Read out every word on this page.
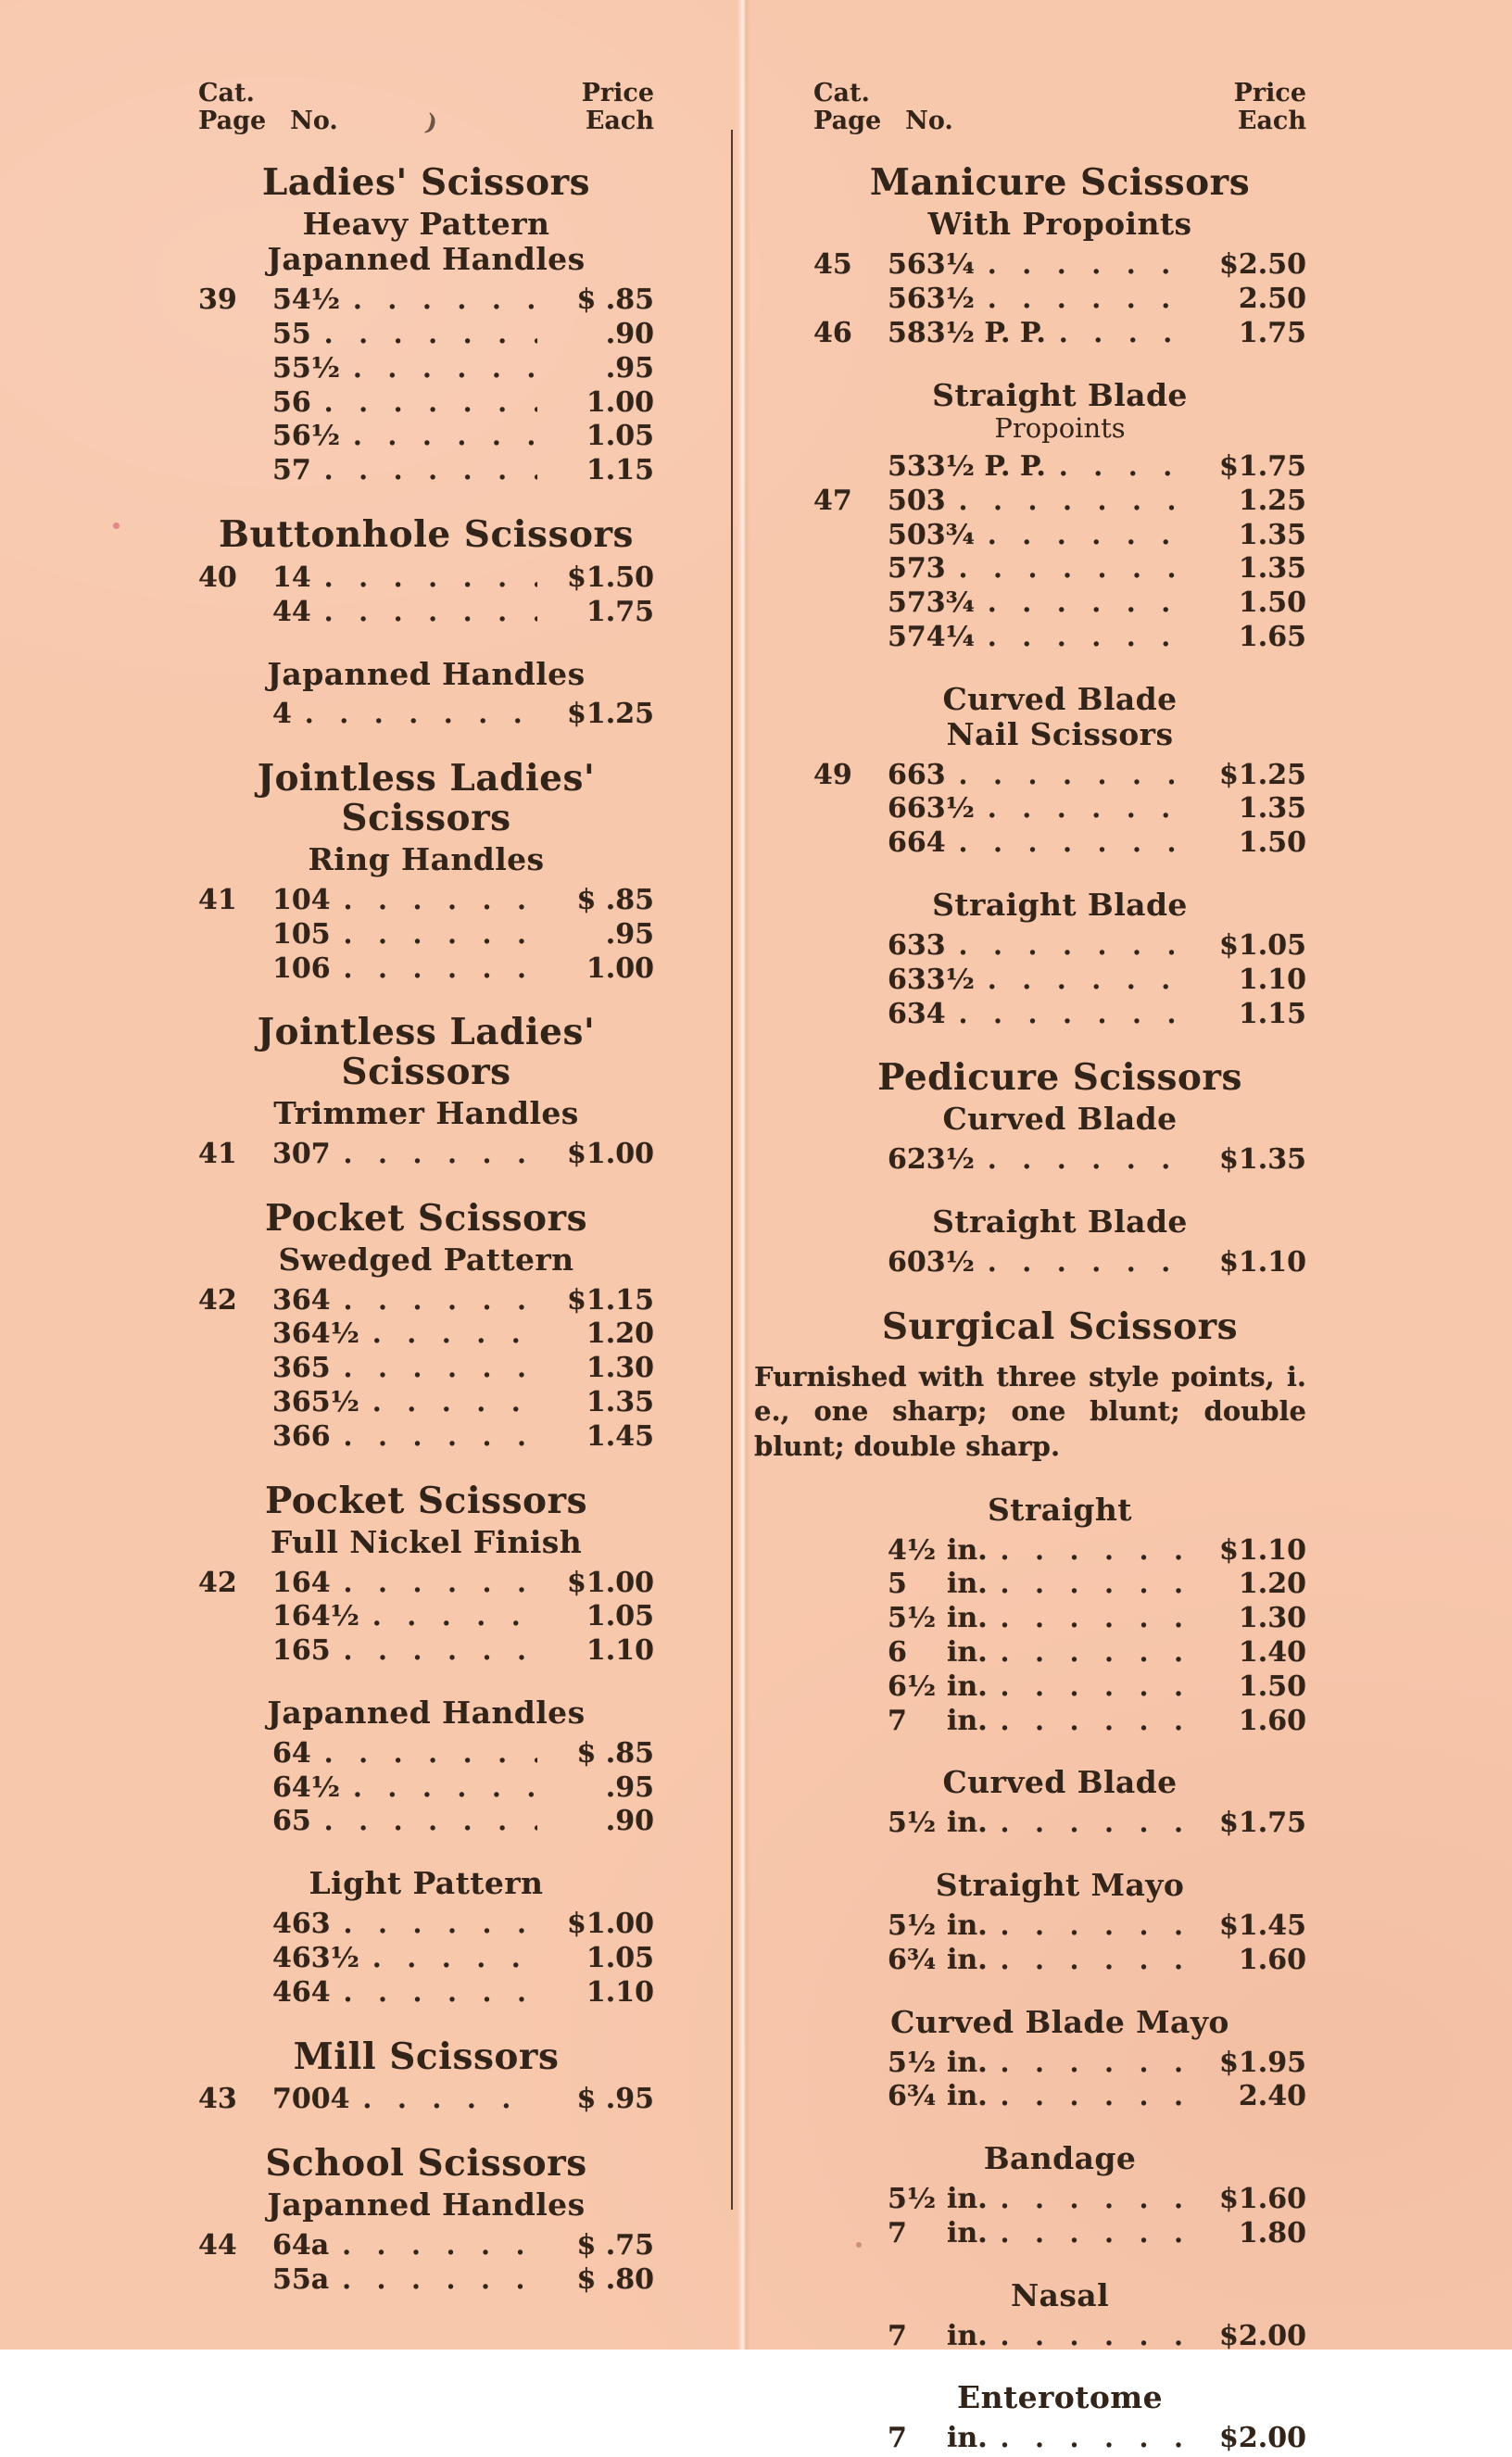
)
Cat.
Page No.
Price
Each
Ladies' Scissors
Heavy Pattern
Japanned Handles
39	54½ . . .	$ .85
55 . . .	.90
55½ . . .	.95
56 . . .	1.00
56½ . . .	1.05
57 . . .	1.15
Buttonhole Scissors
40	14 . . .	$1.50
44 . . .	1.75
Japanned Handles
4 . . .	$1.25
Jointless Ladies' Scissors
Ring Handles
41	104 . . .	$ .85
105 . . .	.95
106 . . .	1.00
Jointless Ladies' Scissors
Trimmer Handles
41	307 . . .	$1.00
Pocket Scissors
Swedged Pattern
42	364 . . .	$1.15
364½ . . .	1.20
365 . . .	1.30
365½ . . .	1.35
366 . . .	1.45
Pocket Scissors
Full Nickel Finish
42	164 . . .	$1.00
164½ . . .	1.05
165 . . .	1.10
Japanned Handles
64 . . .	$ .85
64½ . . .	.95
65 . . .	.90
Light Pattern
463 . . .	$1.00
463½ . . .	1.05
464 . . .	1.10
Mill Scissors
43	7004 . . .	$ .95
School Scissors
Japanned Handles
44	64a . . .	$ .75
55a . . .	$ .80
Cat.
Page No.
Price
Each
Manicure Scissors
With Propoints
45	563¼ . . .	$2.50
563½ . . .	2.50
46	583½ P. P. . . .	1.75
Straight Blade
Propoints
533½ P. P. . . .	$1.75
47	503 . . .	1.25
503¾ . . .	1.35
573 . . .	1.35
573¾ . . .	1.50
574¼ . . .	1.65
Curved Blade
Nail Scissors
49	663 . . .	$1.25
663½ . . .	1.35
664 . . .	1.50
Straight Blade
633 . . .	$1.05
633½ . . .	1.10
634 . . .	1.15
Pedicure Scissors
Curved Blade
623½ . . .	$1.35
Straight Blade
603½ . . .	$1.10
Surgical Scissors

Furnished with three style points, i. e., one sharp; one blunt; double blunt; double sharp.

Straight
4½ in. . . .	$1.10
5 in. . . .	1.20
5½ in. . . .	1.30
6 in. . . .	1.40
6½ in. . . .	1.50
7 in. . . .	1.60
Curved Blade
5½ in. . . .	$1.75
Straight Mayo
5½ in. . . .	$1.45
6¾ in. . . .	1.60
Curved Blade Mayo
5½ in. . . .	$1.95
6¾ in. . . .	2.40
Bandage
5½ in. . . .	$1.60
7 in. . . .	1.80
Nasal
7 in. . . .	$2.00
Enterotome
7 in. . . .	$2.00
